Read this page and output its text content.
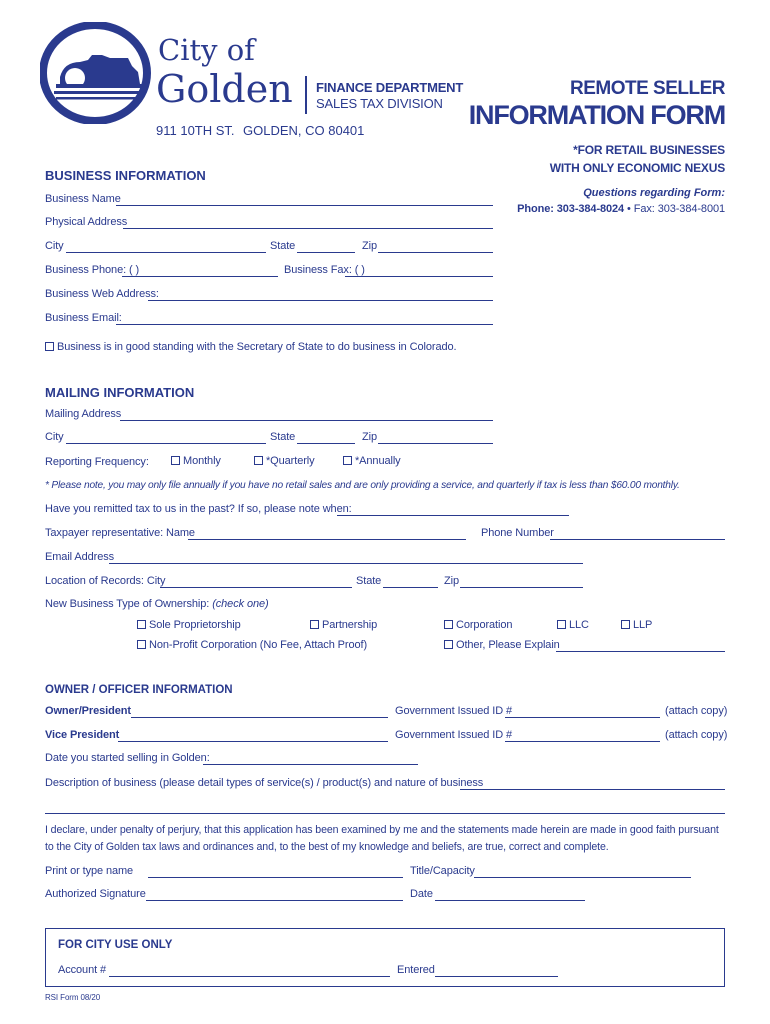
City of
Golden FINANCE DEPARTMENT
SALES TAX DIVISION
911 10TH ST. GOLDEN, CO 80401
REMOTE SELLER
INFORMATION FORM
*FOR RETAIL BUSINESSES
WITH ONLY ECONOMIC NEXUS
Questions regarding Form:
Phone: 303-384-8024 • Fax: 303-384-8001
BUSINESS INFORMATION
Business Name
Physical Address
City	State	Zip
Business Phone: ( )	Business Fax: ( )
Business Web Address:
Business Email:
Business is in good standing with the Secretary of State to do business in Colorado.
MAILING INFORMATION
Mailing Address
City	State	Zip
Reporting Frequency:	Monthly	*Quarterly	*Annually
* Please note, you may only file annually if you have no retail sales and are only providing a service, and quarterly if tax is less than $60.00 monthly.
Have you remitted tax to us in the past? If so, please note when:
Taxpayer representative: Name	Phone Number
Email Address
Location of Records: City	State	Zip
New Business Type of Ownership: (check one)
Sole Proprietorship	Partnership	Corporation	LLC	LLP
Non-Profit Corporation (No Fee, Attach Proof)	Other, Please Explain
OWNER / OFFICER INFORMATION
Owner/President	Government Issued ID #	(attach copy)
Vice President	Government Issued ID #	(attach copy)
Date you started selling in Golden:
Description of business (please detail types of service(s) / product(s) and nature of business
I declare, under penalty of perjury, that this application has been examined by me and the statements made herein are made in good faith pursuant
to the City of Golden tax laws and ordinances and, to the best of my knowledge and beliefs, are true, correct and complete.
Print or type name	Title/Capacity
Authorized Signature	Date
FOR CITY USE ONLY
Account #	Entered
RSI Form 08/20
